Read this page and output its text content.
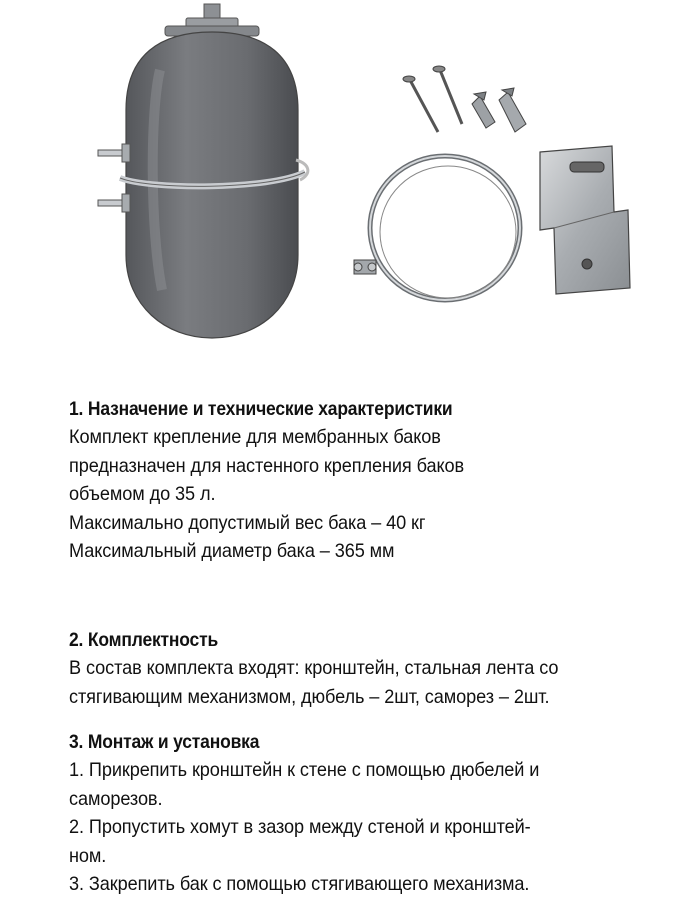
1. Назначение и технические характеристики

Комплект крепление для мембранных баков

предназначен для настенного крепления баков

объемом до 35 л.

Максимально допустимый вес бака – 40 кг

Максимальный диаметр бака – 365 мм

2. Комплектность

В состав комплекта входят: кронштейн, стальная лента со

стягивающим механизмом, дюбель – 2шт, саморез – 2шт.

3. Монтаж и установка

1. Прикрепить кронштейн к стене с помощью дюбелей и

саморезов.

2. Пропустить хомут в зазор между стеной и кронштей-

ном.

3. Закрепить бак с помощью стягивающего механизма.
